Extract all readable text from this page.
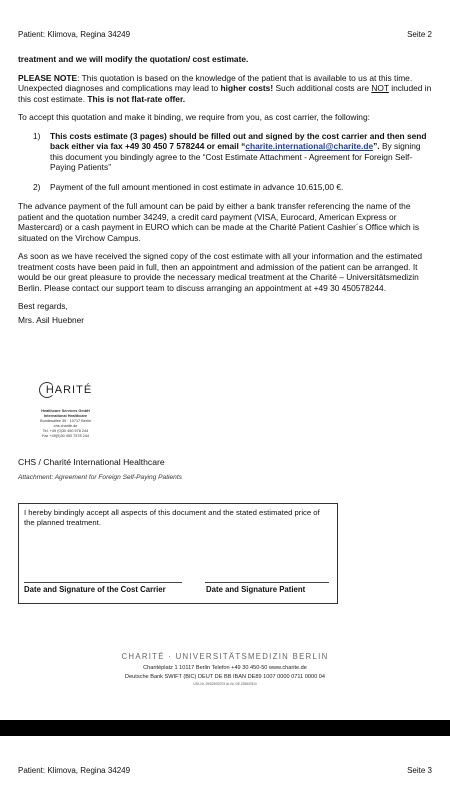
Patient: Klimova, Regina 34249	Seite 2

treatment and we will modify the quotation/ cost estimate.

PLEASE NOTE: This quotation is based on the knowledge of the patient that is available to us at this time. Unexpected diagnoses and complications may lead to higher costs! Such additional costs are NOT included in this cost estimate. This is not flat-rate offer.

To accept this quotation and make it binding, we require from you, as cost carrier, the following:

1)	This costs estimate (3 pages) should be filled out and signed by the cost carrier and then send back either via fax +49 30 450 7 578244 or email “charite.international@charite.de”. By signing this document you bindingly agree to the “Cost Estimate Attachment - Agreement for Foreign Self-Paying Patients”
2)	Payment of the full amount mentioned in cost estimate in advance 10.615,00 €.

The advance payment of the full amount can be paid by either a bank transfer referencing the name of the patient and the quotation number 34249, a credit card payment (VISA, Eurocard, American Express or Mastercard) or a cash payment in EURO which can be made at the Charité Patient Cashier´s Office which is situated on the Virchow Campus.

As soon as we have received the signed copy of the cost estimate with all your information and the estimated treatment costs have been paid in full, then an appointment and admission of the patient can be arranged. It would be our great pleasure to provide the necessary medical treatment at the Charité – Universitätsmedizin Berlin. Please contact our support team to discuss arranging an appointment at +49 30 450578244.

Best regards,

Mrs. Asil Huebner

HARITÉ
Healthcare Services GmbH
International Healthcare
Bundesallee 39 · 10717 Berlin
chs.charite.de
Tel. +49 (0)30 450 578 244
Fax +49(0)30 450 7578 244
CHS / Charité International Healthcare
Attachment: Agreement for Foreign Self-Paying Patients
I hereby bindingly accept all aspects of this document and the stated estimated price of the planned treatment.
Date and Signature of the Cost Carrier	Date and Signature Patient
CHARITÉ · UNIVERSITÄTSMEDIZIN BERLIN
Charitéplatz 1 10117 Berlin Telefon +49 30 450-50 www.charite.de
Deutsche Bank SWIFT (BIC) DEUT DE BB IBAN DE89 1007 0000 0711 0000 04
USt.-Nr. 29/523/50703 Id.-Nr. DE 228847810
Patient: Klimova, Regina 34249	Seite 3
